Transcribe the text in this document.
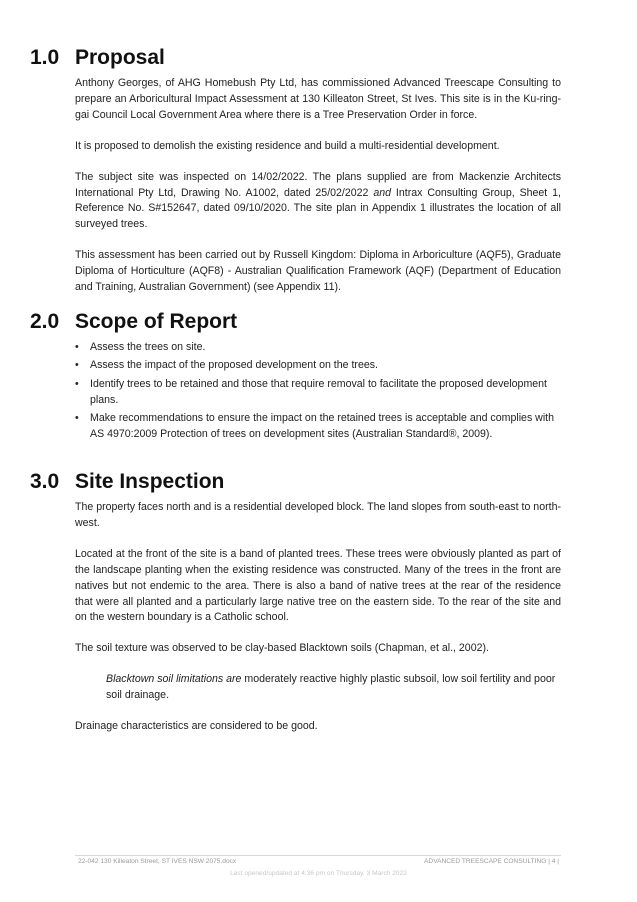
1.0 Proposal

Anthony Georges, of AHG Homebush Pty Ltd, has commissioned Advanced Treescape Consulting to prepare an Arboricultural Impact Assessment at 130 Killeaton Street, St Ives. This site is in the Ku-ring-gai Council Local Government Area where there is a Tree Preservation Order in force.

It is proposed to demolish the existing residence and build a multi-residential development.

The subject site was inspected on 14/02/2022. The plans supplied are from Mackenzie Architects International Pty Ltd, Drawing No. A1002, dated 25/02/2022 and Intrax Consulting Group, Sheet 1, Reference No. S#152647, dated 09/10/2020. The site plan in Appendix 1 illustrates the location of all surveyed trees.

This assessment has been carried out by Russell Kingdom: Diploma in Arboriculture (AQF5), Graduate Diploma of Horticulture (AQF8) - Australian Qualification Framework (AQF) (Department of Education and Training, Australian Government) (see Appendix 11).

2.0 Scope of Report
• Assess the trees on site.
• Assess the impact of the proposed development on the trees.
• Identify trees to be retained and those that require removal to facilitate the proposed development plans.
• Make recommendations to ensure the impact on the retained trees is acceptable and complies with AS 4970:2009 Protection of trees on development sites (Australian Standard®, 2009).
3.0 Site Inspection

The property faces north and is a residential developed block. The land slopes from south-east to north-west.

Located at the front of the site is a band of planted trees. These trees were obviously planted as part of the landscape planting when the existing residence was constructed. Many of the trees in the front are natives but not endemic to the area. There is also a band of native trees at the rear of the residence that were all planted and a particularly large native tree on the eastern side. To the rear of the site and on the western boundary is a Catholic school.

The soil texture was observed to be clay-based Blacktown soils (Chapman, et al., 2002).

Blacktown soil limitations are moderately reactive highly plastic subsoil, low soil fertility and poor soil drainage.

Drainage characteristics are considered to be good.

22-042 130 Killeaton Street, ST IVES NSW 2075.docx	ADVANCED TREESCAPE CONSULTING | 4 |
Last opened/updated at 4:36 pm on Thursday, 3 March 2022
